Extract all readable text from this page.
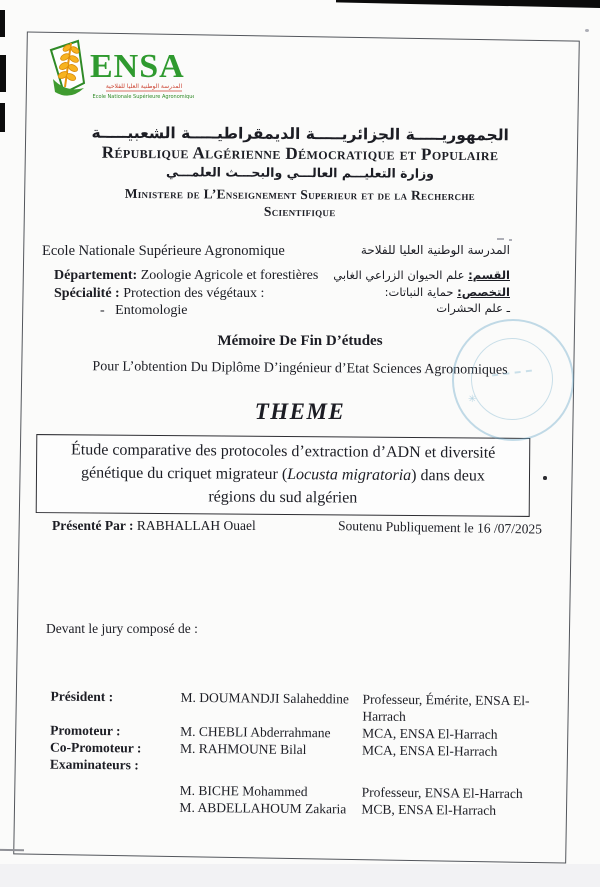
ENSA
المدرسة الوطنية العليا للفلاحية
Ecole Nationale Supérieure Agronomique
الجمهوريـــــة الجزائريـــــة الديمقراطيـــــة الشعبيـــــة
République Algérienne Démocratique et Populaire
وزارة التعليـــم العالـــي والبحـــث العلمـــي
Ministere de L’Enseignement Superieur et de la Recherche
Scientifique
Ecole Nationale Supérieure Agronomique	المدرسة الوطنية العليا للفلاحة
Département: Zoologie Agricole et forestières
Spécialité : Protection des végétaux :
-   Entomologie
القسم: علم الحيوان الزراعي الغابي
التخصص: حماية النباتات:
ـ علم الحشرات
Mémoire De Fin D’études
Pour L’obtention Du Diplôme D’ingénieur d’Etat Sciences Agronomiques
THEME
Étude comparative des protocoles d’extraction d’ADN et diversité
génétique du criquet migrateur (Locusta migratoria) dans deux
régions du sud algérien
Présenté Par : RABHALLAH Ouael	Soutenu Publiquement le 16 /07/2025
✳
Devant le jury composé de :
Président :	M. DOUMANDJI Salaheddine Professeur, Émérite, ENSA El-Harrach
Promoteur :	M. CHEBLI Abderrahmane	MCA, ENSA El-Harrach
Co-Promoteur :	M. RAHMOUNE Bilal	MCA, ENSA El-Harrach
Examinateurs :
M. BICHE Mohammed	Professeur, ENSA El-Harrach
M. ABDELLAHOUM Zakaria	MCB, ENSA El-Harrach
